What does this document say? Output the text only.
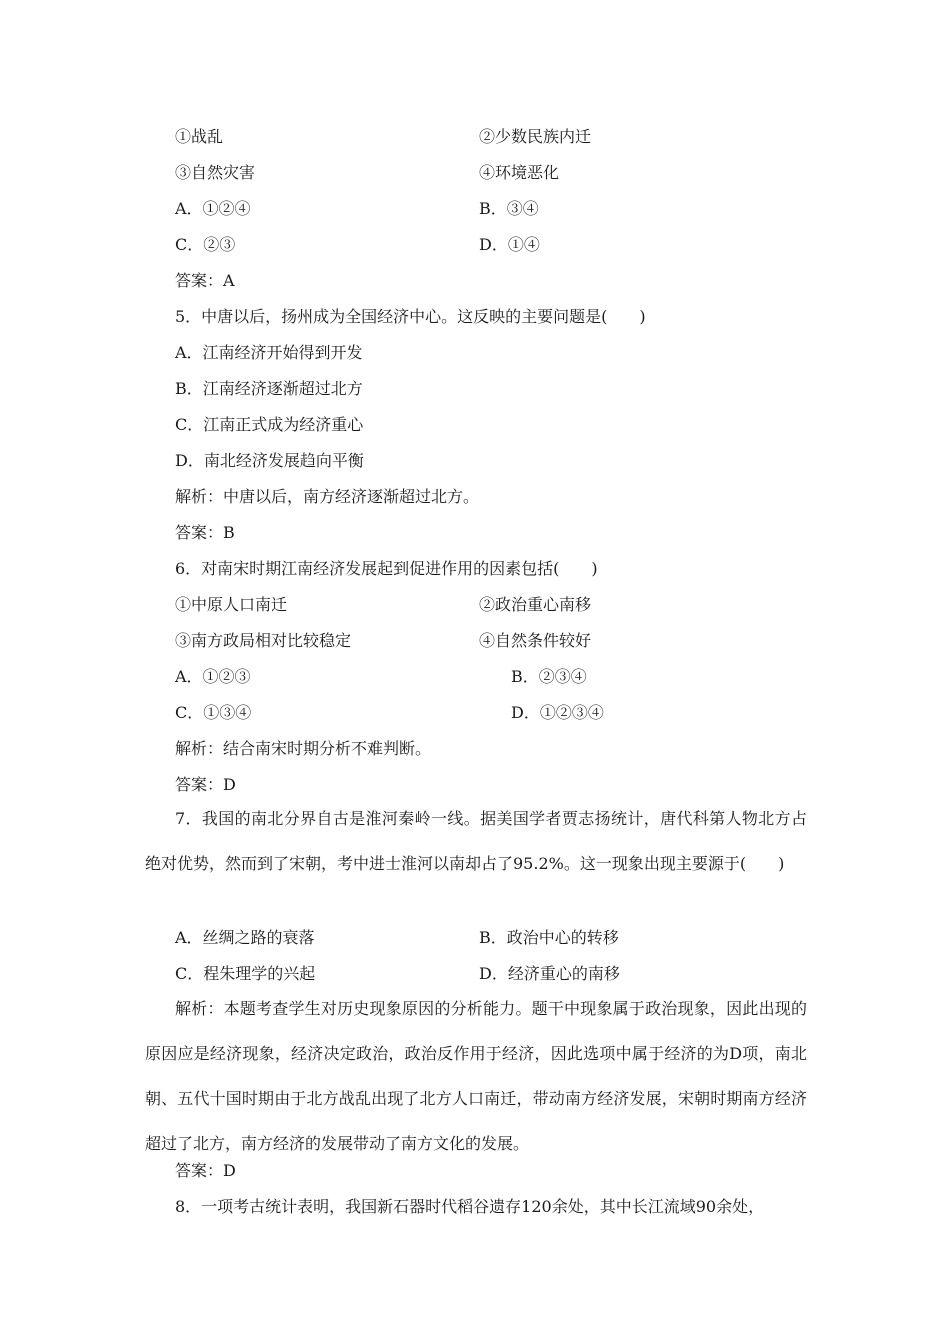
①战乱	②少数民族内迁
③自然灾害	④环境恶化
A．①②④	B．③④
C．②③	D．①④
答案：A
5．中唐以后，扬州成为全国经济中心。这反映的主要问题是(　　)
A．江南经济开始得到开发
B．江南经济逐渐超过北方
C．江南正式成为经济重心
D．南北经济发展趋向平衡
解析：中唐以后，南方经济逐渐超过北方。
答案：B
6．对南宋时期江南经济发展起到促进作用的因素包括(　　)
①中原人口南迁	②政治重心南移
③南方政局相对比较稳定	④自然条件较好
A．①②③	B．②③④
C．①③④	D．①②③④
解析：结合南宋时期分析不难判断。
答案：D
7．我国的南北分界自古是淮河秦岭一线。据美国学者贾志扬统计，唐代科第人物北方占绝对优势，然而到了宋朝，考中进士淮河以南却占了95.2%。这一现象出现主要源于(　　)
A．丝绸之路的衰落	B．政治中心的转移
C．程朱理学的兴起	D．经济重心的南移
解析：本题考查学生对历史现象原因的分析能力。题干中现象属于政治现象，因此出现的原因应是经济现象，经济决定政治，政治反作用于经济，因此选项中属于经济的为D项，南北朝、五代十国时期由于北方战乱出现了北方人口南迁，带动南方经济发展，宋朝时期南方经济超过了北方，南方经济的发展带动了南方文化的发展。
答案：D
8．一项考古统计表明，我国新石器时代稻谷遗存120余处，其中长江流域90余处，
